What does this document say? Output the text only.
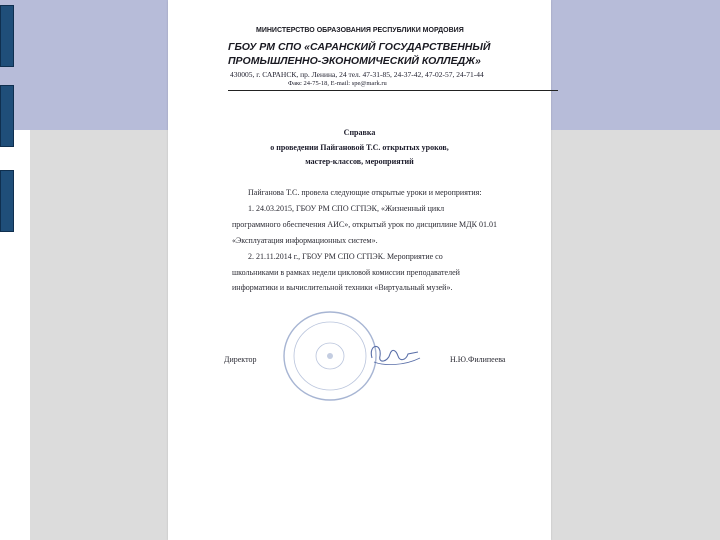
МИНИСТЕРСТВО ОБРАЗОВАНИЯ РЕСПУБЛИКИ МОРДОВИЯ
ГБОУ РМ СПО «САРАНСКИЙ ГОСУДАРСТВЕННЫЙ
ПРОМЫШЛЕННО-ЭКОНОМИЧЕСКИЙ КОЛЛЕДЖ»
430005, г. САРАНСК, пр. Ленина, 24 тел. 47-31-85, 24-37-42, 47-02-57, 24-71-44
Факс 24-75-18, E-mail: spe@mark.ru
Справка
о проведении Пайгановой Т.С. открытых уроков,
мастер-классов, мероприятий
Пайганова Т.С. провела следующие открытые уроки и мероприятия:
1. 24.03.2015, ГБОУ РМ СПО СГПЭК, «Жизненный цикл
программного обеспечения АИС», открытый урок по дисциплине МДК 01.01
«Эксплуатация информационных систем».
2. 21.11.2014 г., ГБОУ РМ СПО СГПЭК. Мероприятие со
школьниками в рамках недели цикловой комиссии преподавателей
информатики и вычислительной техники «Виртуальный музей».
Директор	Н.Ю.Филипеева
